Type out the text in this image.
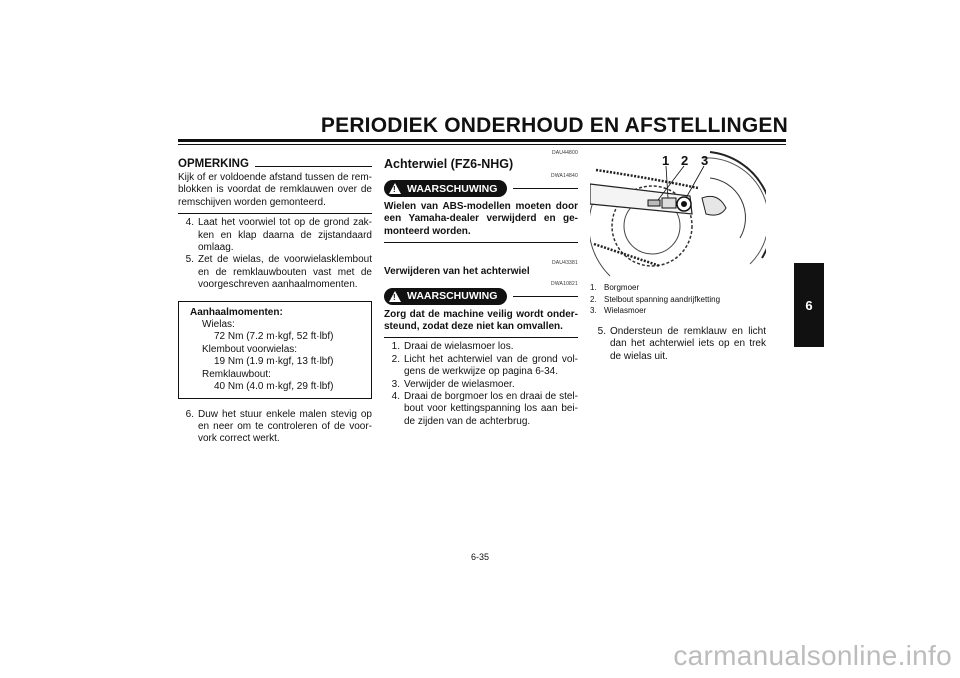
PERIODIEK ONDERHOUD EN AFSTELLINGEN
6
OPMERKING
Kijk of er voldoende afstand tussen de rem-blokken is voordat de remklauwen over de remschijven worden gemonteerd.
4. Laat het voorwiel tot op de grond zak-ken en klap daarna de zijstandaard omlaag.
5. Zet de wielas, de voorwielasklembout en de remklauwbouten vast met de voorgeschreven aanhaalmomenten.
Aanhaalmomenten:
Wielas:
72 Nm (7.2 m·kgf, 52 ft·lbf)
Klembout voorwielas:
19 Nm (1.9 m·kgf, 13 ft·lbf)
Remklauwbout:
40 Nm (4.0 m·kgf, 29 ft·lbf)
6. Duw het stuur enkele malen stevig op en neer om te controleren of de voor-vork correct werkt.
DAU44800
Achterwiel (FZ6-NHG)
DWA14840
! WAARSCHUWING
Wielen van ABS-modellen moeten door een Yamaha-dealer verwijderd en ge-monteerd worden.
DAU43381
Verwijderen van het achterwiel
DWA10821
! WAARSCHUWING
Zorg dat de machine veilig wordt onder-steund, zodat deze niet kan omvallen.
1. Draai de wielasmoer los.
2. Licht het achterwiel van de grond vol-gens de werkwijze op pagina 6-34.
3. Verwijder de wielasmoer.
4. Draai de borgmoer los en draai de stel-bout voor kettingspanning los aan bei-de zijden van de achterbrug.
1 2 3
1. Borgmoer
2. Stelbout spanning aandrijfketting
3. Wielasmoer
5. Ondersteun de remklauw en licht dan het achterwiel iets op en trek de wielas uit.
6-35
carmanualsonline.info
